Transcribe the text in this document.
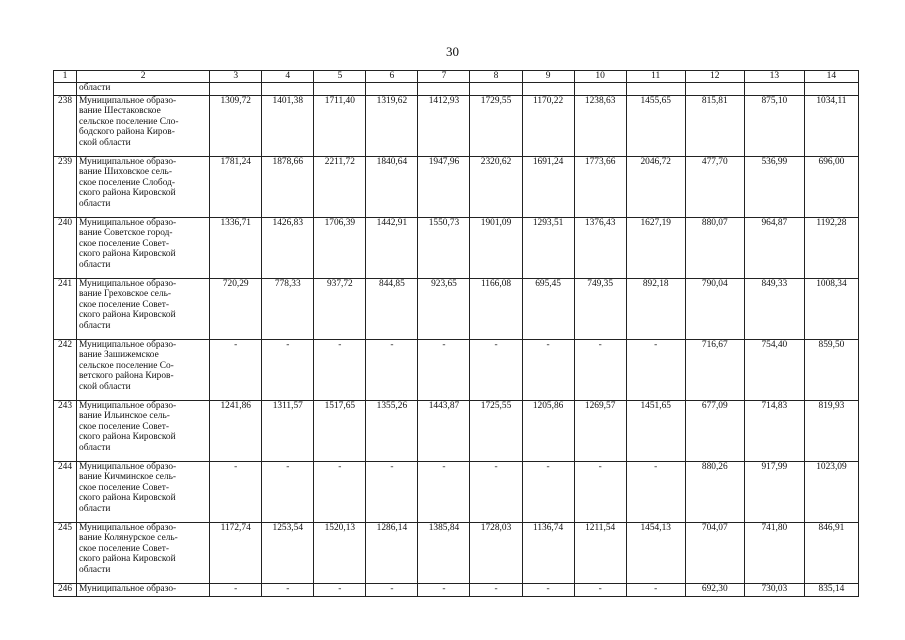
30
1	2	3	4	5	6	7	8	9	10	11	12	13	14
	области												
238	Муниципальное образо-
вание Шестаковское
сельское поселение Сло-
бодского района Киров-
ской области	1309,72	1401,38	1711,40	1319,62	1412,93	1729,55	1170,22	1238,63	1455,65	815,81	875,10	1034,11
239	Муниципальное образо-
вание Шиховское сель-
ское поселение Слобод-
ского района Кировской
области	1781,24	1878,66	2211,72	1840,64	1947,96	2320,62	1691,24	1773,66	2046,72	477,70	536,99	696,00
240	Муниципальное образо-
вание Советское город-
ское поселение Совет-
ского района Кировской
области	1336,71	1426,83	1706,39	1442,91	1550,73	1901,09	1293,51	1376,43	1627,19	880,07	964,87	1192,28
241	Муниципальное образо-
вание Греховское сель-
ское поселение Совет-
ского района Кировской
области	720,29	778,33	937,72	844,85	923,65	1166,08	695,45	749,35	892,18	790,04	849,33	1008,34
242	Муниципальное образо-
вание Зашижемское
сельское поселение Со-
ветского района Киров-
ской области	-	-	-	-	-	-	-	-	-	716,67	754,40	859,50
243	Муниципальное образо-
вание Ильинское сель-
ское поселение Совет-
ского района Кировской
области	1241,86	1311,57	1517,65	1355,26	1443,87	1725,55	1205,86	1269,57	1451,65	677,09	714,83	819,93
244	Муниципальное образо-
вание Кичминское сель-
ское поселение Совет-
ского района Кировской
области	-	-	-	-	-	-	-	-	-	880,26	917,99	1023,09
245	Муниципальное образо-
вание Колянурское сель-
ское поселение Совет-
ского района Кировской
области	1172,74	1253,54	1520,13	1286,14	1385,84	1728,03	1136,74	1211,54	1454,13	704,07	741,80	846,91
246	Муниципальное образо-	-	-	-	-	-	-	-	-	-	692,30	730,03	835,14
